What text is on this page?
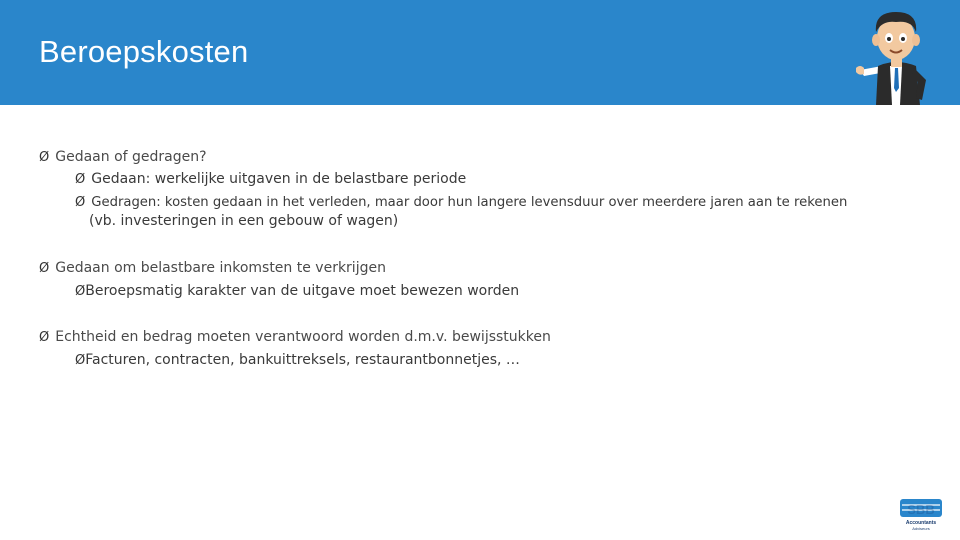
Beroepskosten
Ø Gedaan of gedragen?
Ø Gedaan: werkelijke uitgaven in de belastbare periode
Ø Gedragen: kosten gedaan in het verleden, maar door hun langere levensduur over meerdere jaren aan te rekenen
(vb. investeringen in een gebouw of wagen)
Ø Gedaan om belastbare inkomsten te verkrijgen
ØBeroepsmatig karakter van de uitgave moet bewezen worden
Ø Echtheid en bedrag moeten verantwoord worden d.m.v. bewijsstukken
ØFacturen, contracten, bankuittreksels, restaurantbonnetjes, …
SBB
Accountants
Adviseurs
